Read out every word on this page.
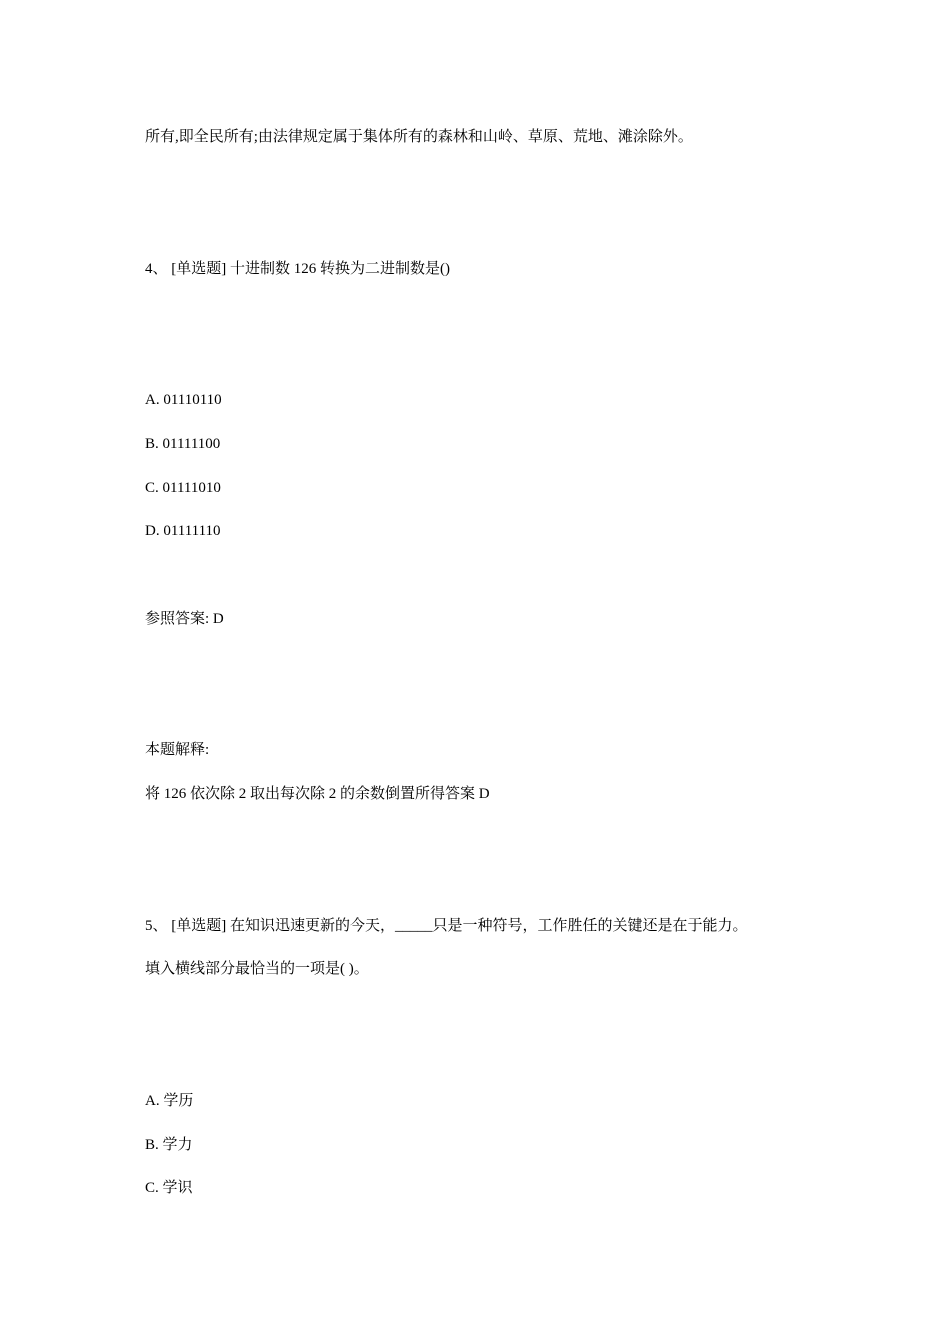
所有,即全民所有;由法律规定属于集体所有的森林和山岭、草原、荒地、滩涂除外。
4、 [单选题] 十进制数 126 转换为二进制数是()
A. 01110110
B. 01111100
C. 01111010
D. 01111110
参照答案: D
本题解释:
将 126 依次除 2 取出每次除 2 的余数倒置所得答案 D
5、 [单选题] 在知识迅速更新的今天，_____只是一种符号，工作胜任的关键还是在于能力。
填入横线部分最恰当的一项是( )。
A. 学历
B. 学力
C. 学识
